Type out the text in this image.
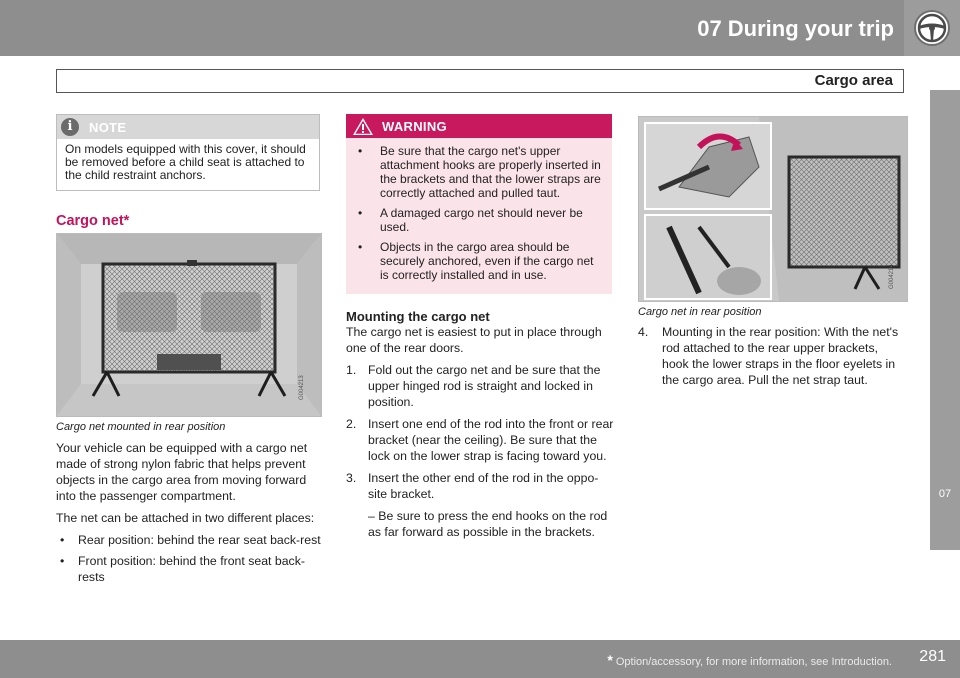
07 During your trip
Cargo area
07
i	NOTE
On models equipped with this cover, it should be removed before a child seat is attached to the child restraint anchors.
Cargo net*
G004213
Cargo net mounted in rear position

Your vehicle can be equipped with a cargo net made of strong nylon fabric that helps prevent objects in the cargo area from moving forward into the passenger compartment.

The net can be attached in two different places:

• Rear position: behind the rear seat back-rest
• Front position: behind the front seat back-rests
WARNING
• Be sure that the cargo net's upper attachment hooks are properly inserted in the brackets and that the lower straps are correctly attached and pulled taut.
• A damaged cargo net should never be used.
• Objects in the cargo area should be securely anchored, even if the cargo net is correctly installed and in use.
Mounting the cargo net

The cargo net is easiest to put in place through one of the rear doors.

1. Fold out the cargo net and be sure that the upper hinged rod is straight and locked in position.
2. Insert one end of the rod into the front or rear bracket (near the ceiling). Be sure that the lock on the lower strap is facing toward you.
3. Insert the other end of the rod in the oppo-site bracket.
– Be sure to press the end hooks on the rod as far forward as possible in the brackets.
G004214
Cargo net in rear position
4. Mounting in the rear position: With the net's rod attached to the rear upper brackets, hook the lower straps in the floor eyelets in the cargo area. Pull the net strap taut.
* Option/accessory, for more information, see Introduction. 281
